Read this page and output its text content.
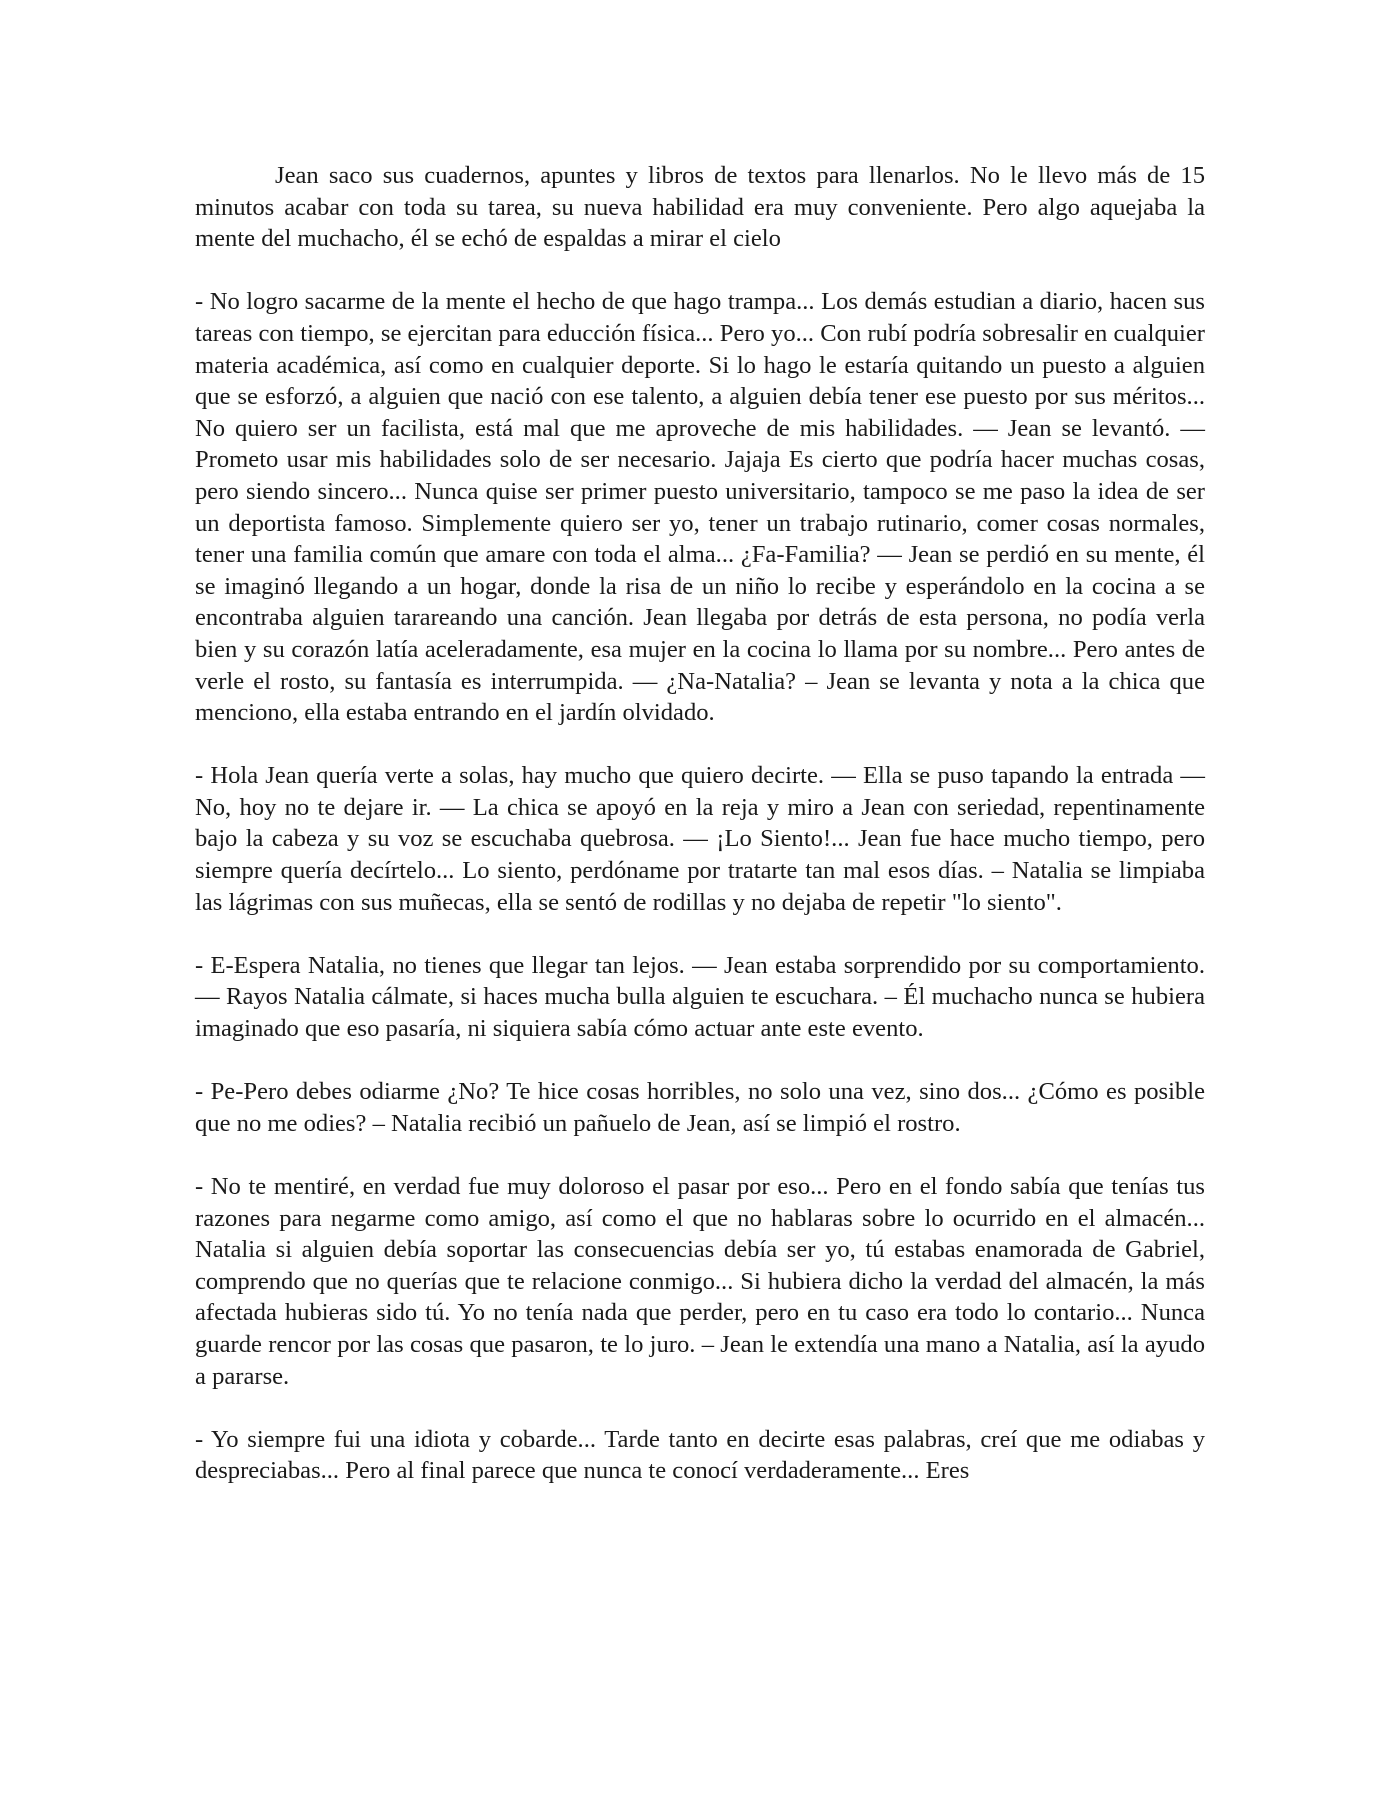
Jean saco sus cuadernos, apuntes y libros de textos para llenarlos. No le llevo más de 15 minutos acabar con toda su tarea, su nueva habilidad era muy conveniente. Pero algo aquejaba la mente del muchacho, él se echó de espaldas a mirar el cielo

- No logro sacarme de la mente el hecho de que hago trampa... Los demás estudian a diario, hacen sus tareas con tiempo, se ejercitan para educción física... Pero yo... Con rubí podría sobresalir en cualquier materia académica, así como en cualquier deporte. Si lo hago le estaría quitando un puesto a alguien que se esforzó, a alguien que nació con ese talento, a alguien debía tener ese puesto por sus méritos... No quiero ser un facilista, está mal que me aproveche de mis habilidades. — Jean se levantó. — Prometo usar mis habilidades solo de ser necesario. Jajaja Es cierto que podría hacer muchas cosas, pero siendo sincero... Nunca quise ser primer puesto universitario, tampoco se me paso la idea de ser un deportista famoso. Simplemente quiero ser yo, tener un trabajo rutinario, comer cosas normales, tener una familia común que amare con toda el alma... ¿Fa-Familia? — Jean se perdió en su mente, él se imaginó llegando a un hogar, donde la risa de un niño lo recibe y esperándolo en la cocina a se encontraba alguien tarareando una canción. Jean llegaba por detrás de esta persona, no podía verla bien y su corazón latía aceleradamente, esa mujer en la cocina lo llama por su nombre... Pero antes de verle el rosto, su fantasía es interrumpida. — ¿Na-Natalia? – Jean se levanta y nota a la chica que menciono, ella estaba entrando en el jardín olvidado.

- Hola Jean quería verte a solas, hay mucho que quiero decirte. — Ella se puso tapando la entrada — No, hoy no te dejare ir. — La chica se apoyó en la reja y miro a Jean con seriedad, repentinamente bajo la cabeza y su voz se escuchaba quebrosa. — ¡Lo Siento!... Jean fue hace mucho tiempo, pero siempre quería decírtelo... Lo siento, perdóname por tratarte tan mal esos días. – Natalia se limpiaba las lágrimas con sus muñecas, ella se sentó de rodillas y no dejaba de repetir "lo siento".

- E-Espera Natalia, no tienes que llegar tan lejos. — Jean estaba sorprendido por su comportamiento. — Rayos Natalia cálmate, si haces mucha bulla alguien te escuchara. – Él muchacho nunca se hubiera imaginado que eso pasaría, ni siquiera sabía cómo actuar ante este evento.

- Pe-Pero debes odiarme ¿No? Te hice cosas horribles, no solo una vez, sino dos... ¿Cómo es posible que no me odies? – Natalia recibió un pañuelo de Jean, así se limpió el rostro.

- No te mentiré, en verdad fue muy doloroso el pasar por eso... Pero en el fondo sabía que tenías tus razones para negarme como amigo, así como el que no hablaras sobre lo ocurrido en el almacén... Natalia si alguien debía soportar las consecuencias debía ser yo, tú estabas enamorada de Gabriel, comprendo que no querías que te relacione conmigo... Si hubiera dicho la verdad del almacén, la más afectada hubieras sido tú. Yo no tenía nada que perder, pero en tu caso era todo lo contario... Nunca guarde rencor por las cosas que pasaron, te lo juro. – Jean le extendía una mano a Natalia, así la ayudo a pararse.

- Yo siempre fui una idiota y cobarde... Tarde tanto en decirte esas palabras, creí que me odiabas y despreciabas... Pero al final parece que nunca te conocí verdaderamente... Eres
